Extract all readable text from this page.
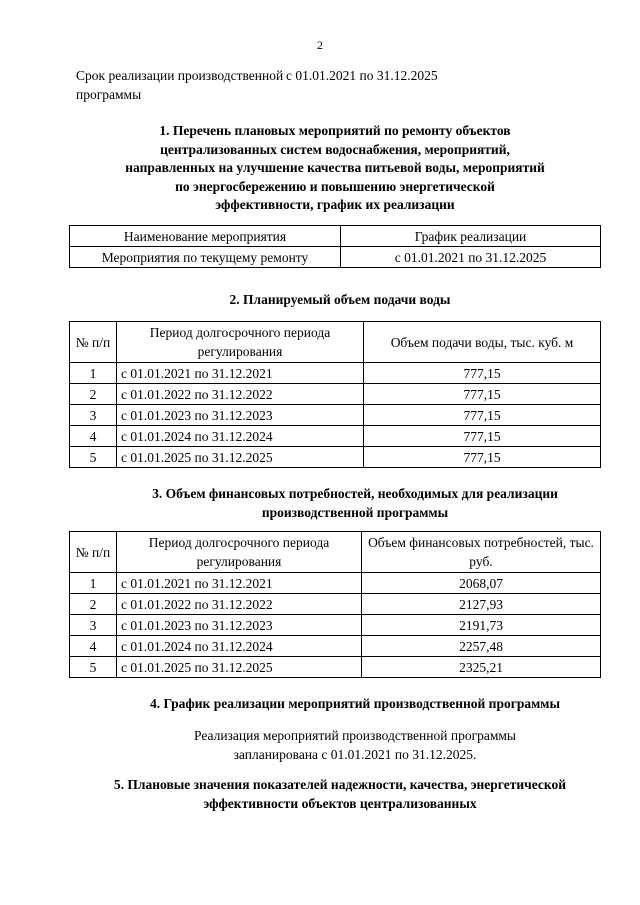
2
Срок реализации производственной программы
с 01.01.2021 по 31.12.2025
1. Перечень плановых мероприятий по ремонту объектов централизованных систем водоснабжения, мероприятий, направленных на улучшение качества питьевой воды, мероприятий по энергосбережению и повышению энергетической эффективности, график их реализации
Наименование мероприятия	График реализации
Мероприятия по текущему ремонту	с 01.01.2021 по 31.12.2025
2. Планируемый объем подачи воды
№ п/п	Период долгосрочного периода регулирования	Объем подачи воды, тыс. куб. м
1	с 01.01.2021 по 31.12.2021	777,15
2	с 01.01.2022 по 31.12.2022	777,15
3	с 01.01.2023 по 31.12.2023	777,15
4	с 01.01.2024 по 31.12.2024	777,15
5	с 01.01.2025 по 31.12.2025	777,15
3. Объем финансовых потребностей, необходимых для реализации производственной программы
№ п/п	Период долгосрочного периода регулирования	Объем финансовых потребностей, тыс. руб.
1	с 01.01.2021 по 31.12.2021	2068,07
2	с 01.01.2022 по 31.12.2022	2127,93
3	с 01.01.2023 по 31.12.2023	2191,73
4	с 01.01.2024 по 31.12.2024	2257,48
5	с 01.01.2025 по 31.12.2025	2325,21
4. График реализации мероприятий производственной программы
Реализация мероприятий производственной программы запланирована с 01.01.2021 по 31.12.2025.
5. Плановые значения показателей надежности, качества, энергетической эффективности объектов централизованных
